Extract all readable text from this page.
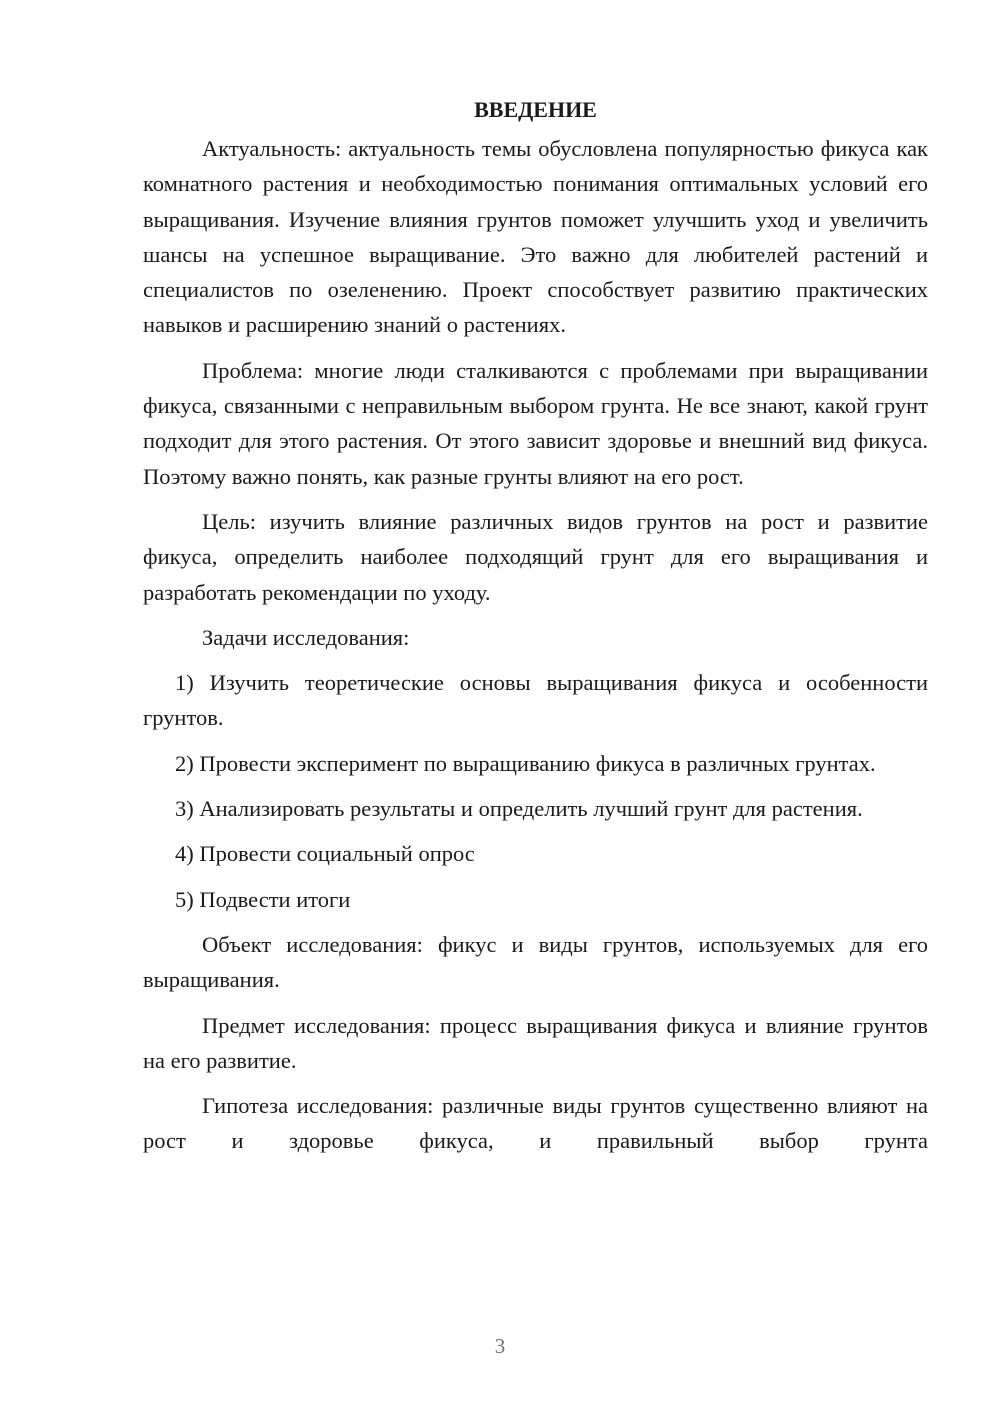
ВВЕДЕНИЕ

Актуальность: актуальность темы обусловлена популярностью фикуса как комнатного растения и необходимостью понимания оптимальных условий его выращивания. Изучение влияния грунтов поможет улучшить уход и увеличить шансы на успешное выращивание. Это важно для любителей растений и специалистов по озеленению. Проект способствует развитию практических навыков и расширению знаний о растениях.

Проблема: многие люди сталкиваются с проблемами при выращивании фикуса, связанными с неправильным выбором грунта. Не все знают, какой грунт подходит для этого растения. От этого зависит здоровье и внешний вид фикуса. Поэтому важно понять, как разные грунты влияют на его рост.

Цель: изучить влияние различных видов грунтов на рост и развитие фикуса, определить наиболее подходящий грунт для его выращивания и разработать рекомендации по уходу.

Задачи исследования:

1) Изучить теоретические основы выращивания фикуса и особенности грунтов.

2) Провести эксперимент по выращиванию фикуса в различных грунтах.

3) Анализировать результаты и определить лучший грунт для растения.

4) Провести социальный опрос

5) Подвести итоги

Объект исследования: фикус и виды грунтов, используемых для его выращивания.

Предмет исследования: процесс выращивания фикуса и влияние грунтов на его развитие.

Гипотеза исследования: различные виды грунтов существенно влияют на рост и здоровье фикуса, и правильный выбор грунта

3
